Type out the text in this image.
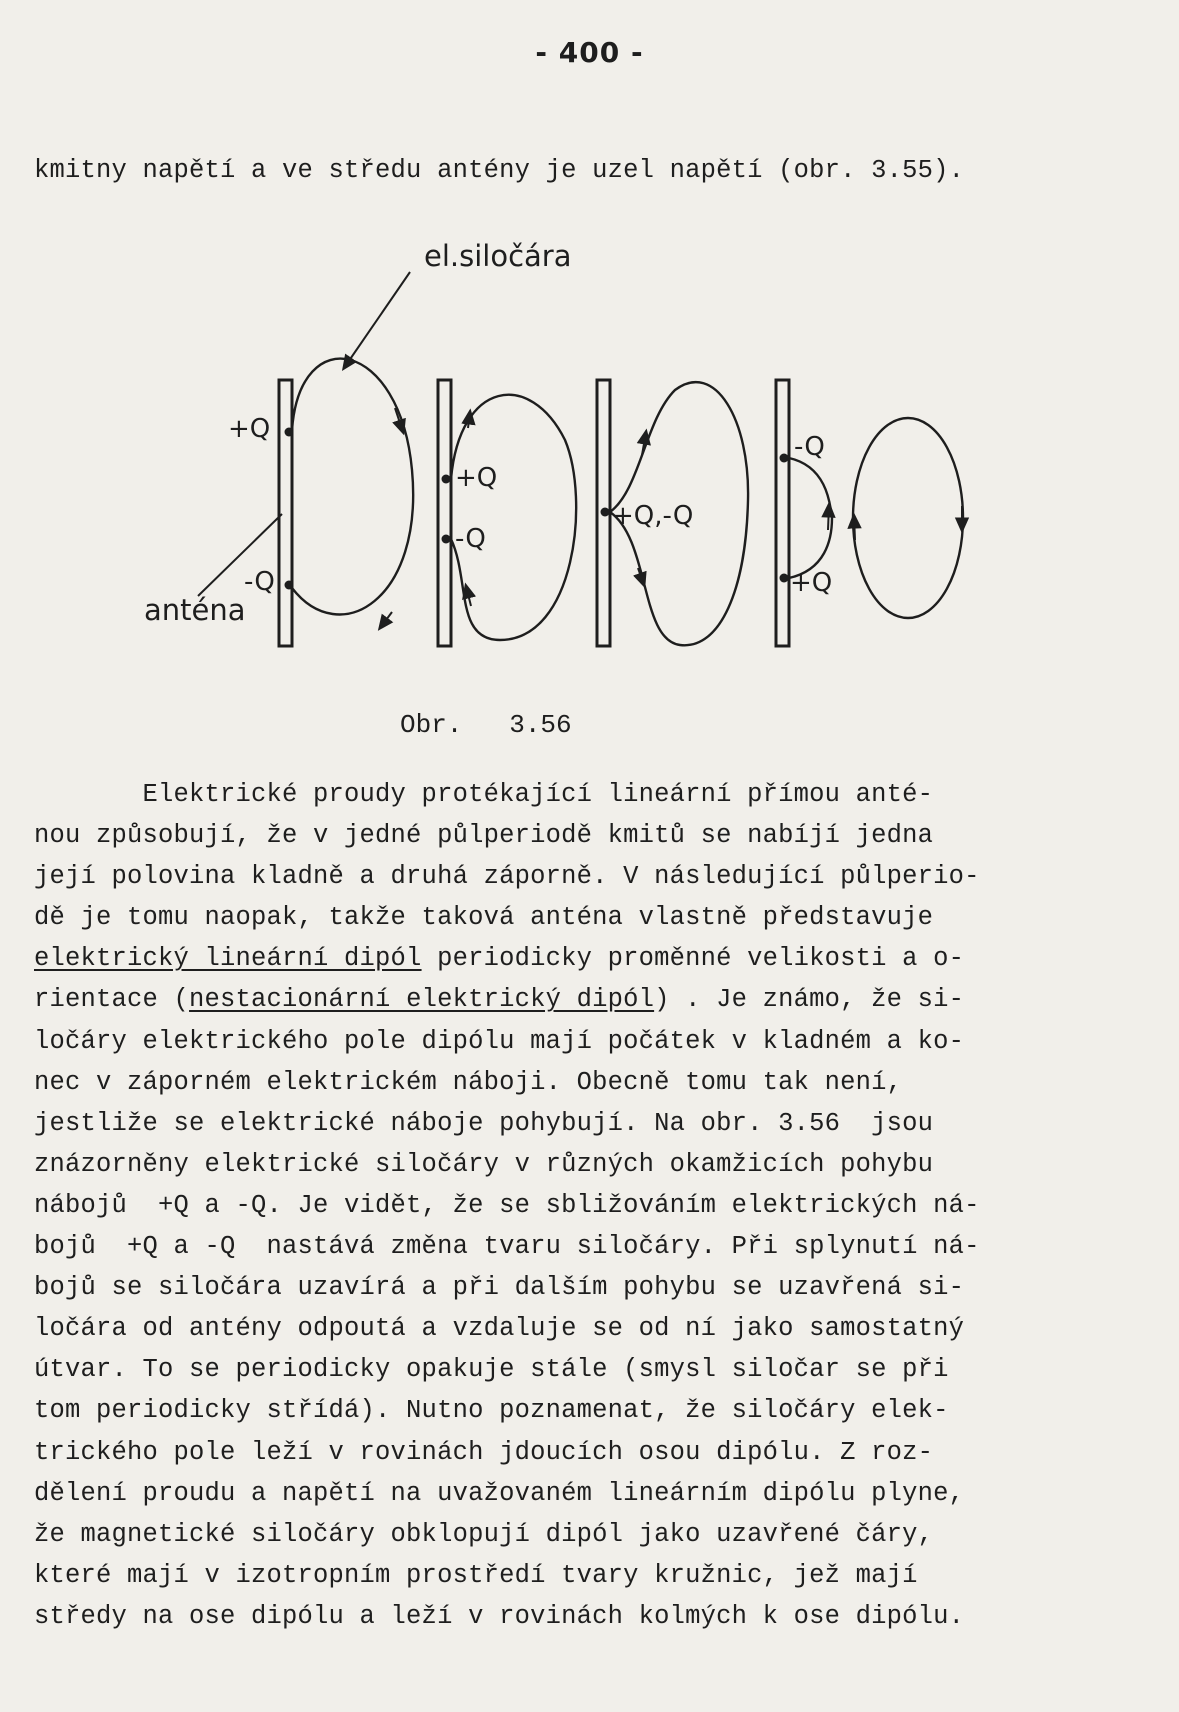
- 400 -
kmitny napětí a ve středu antény je uzel napětí (obr. 3.55).
el.siločára
anténa
+Q
-Q
+Q
-Q
+Q,-Q
-Q
+Q
Obr.   3.56
Elektrické proudy protékající lineární přímou anté-
nou způsobují, že v jedné půlperiodě kmitů se nabíjí jedna
její polovina kladně a druhá záporně. V následující půlperio-
dě je tomu naopak, takže taková anténa vlastně představuje
elektrický lineární dipól periodicky proměnné velikosti a o-
rientace (nestacionární elektrický dipól) . Je známo, že si-
ločáry elektrického pole dipólu mají počátek v kladném a ko-
nec v záporném elektrickém náboji. Obecně tomu tak není,
jestliže se elektrické náboje pohybují. Na obr. 3.56  jsou
znázorněny elektrické siločáry v různých okamžicích pohybu
nábojů  +Q a -Q. Je vidět, že se sbližováním elektrických ná-
bojů  +Q a -Q  nastává změna tvaru siločáry. Při splynutí ná-
bojů se siločára uzavírá a při dalším pohybu se uzavřená si-
ločára od antény odpoutá a vzdaluje se od ní jako samostatný
útvar. To se periodicky opakuje stále (smysl siločar se při
tom periodicky střídá). Nutno poznamenat, že siločáry elek-
trického pole leží v rovinách jdoucích osou dipólu. Z roz-
dělení proudu a napětí na uvažovaném lineárním dipólu plyne,
že magnetické siločáry obklopují dipól jako uzavřené čáry,
které mají v izotropním prostředí tvary kružnic, jež mají
středy na ose dipólu a leží v rovinách kolmých k ose dipólu.
